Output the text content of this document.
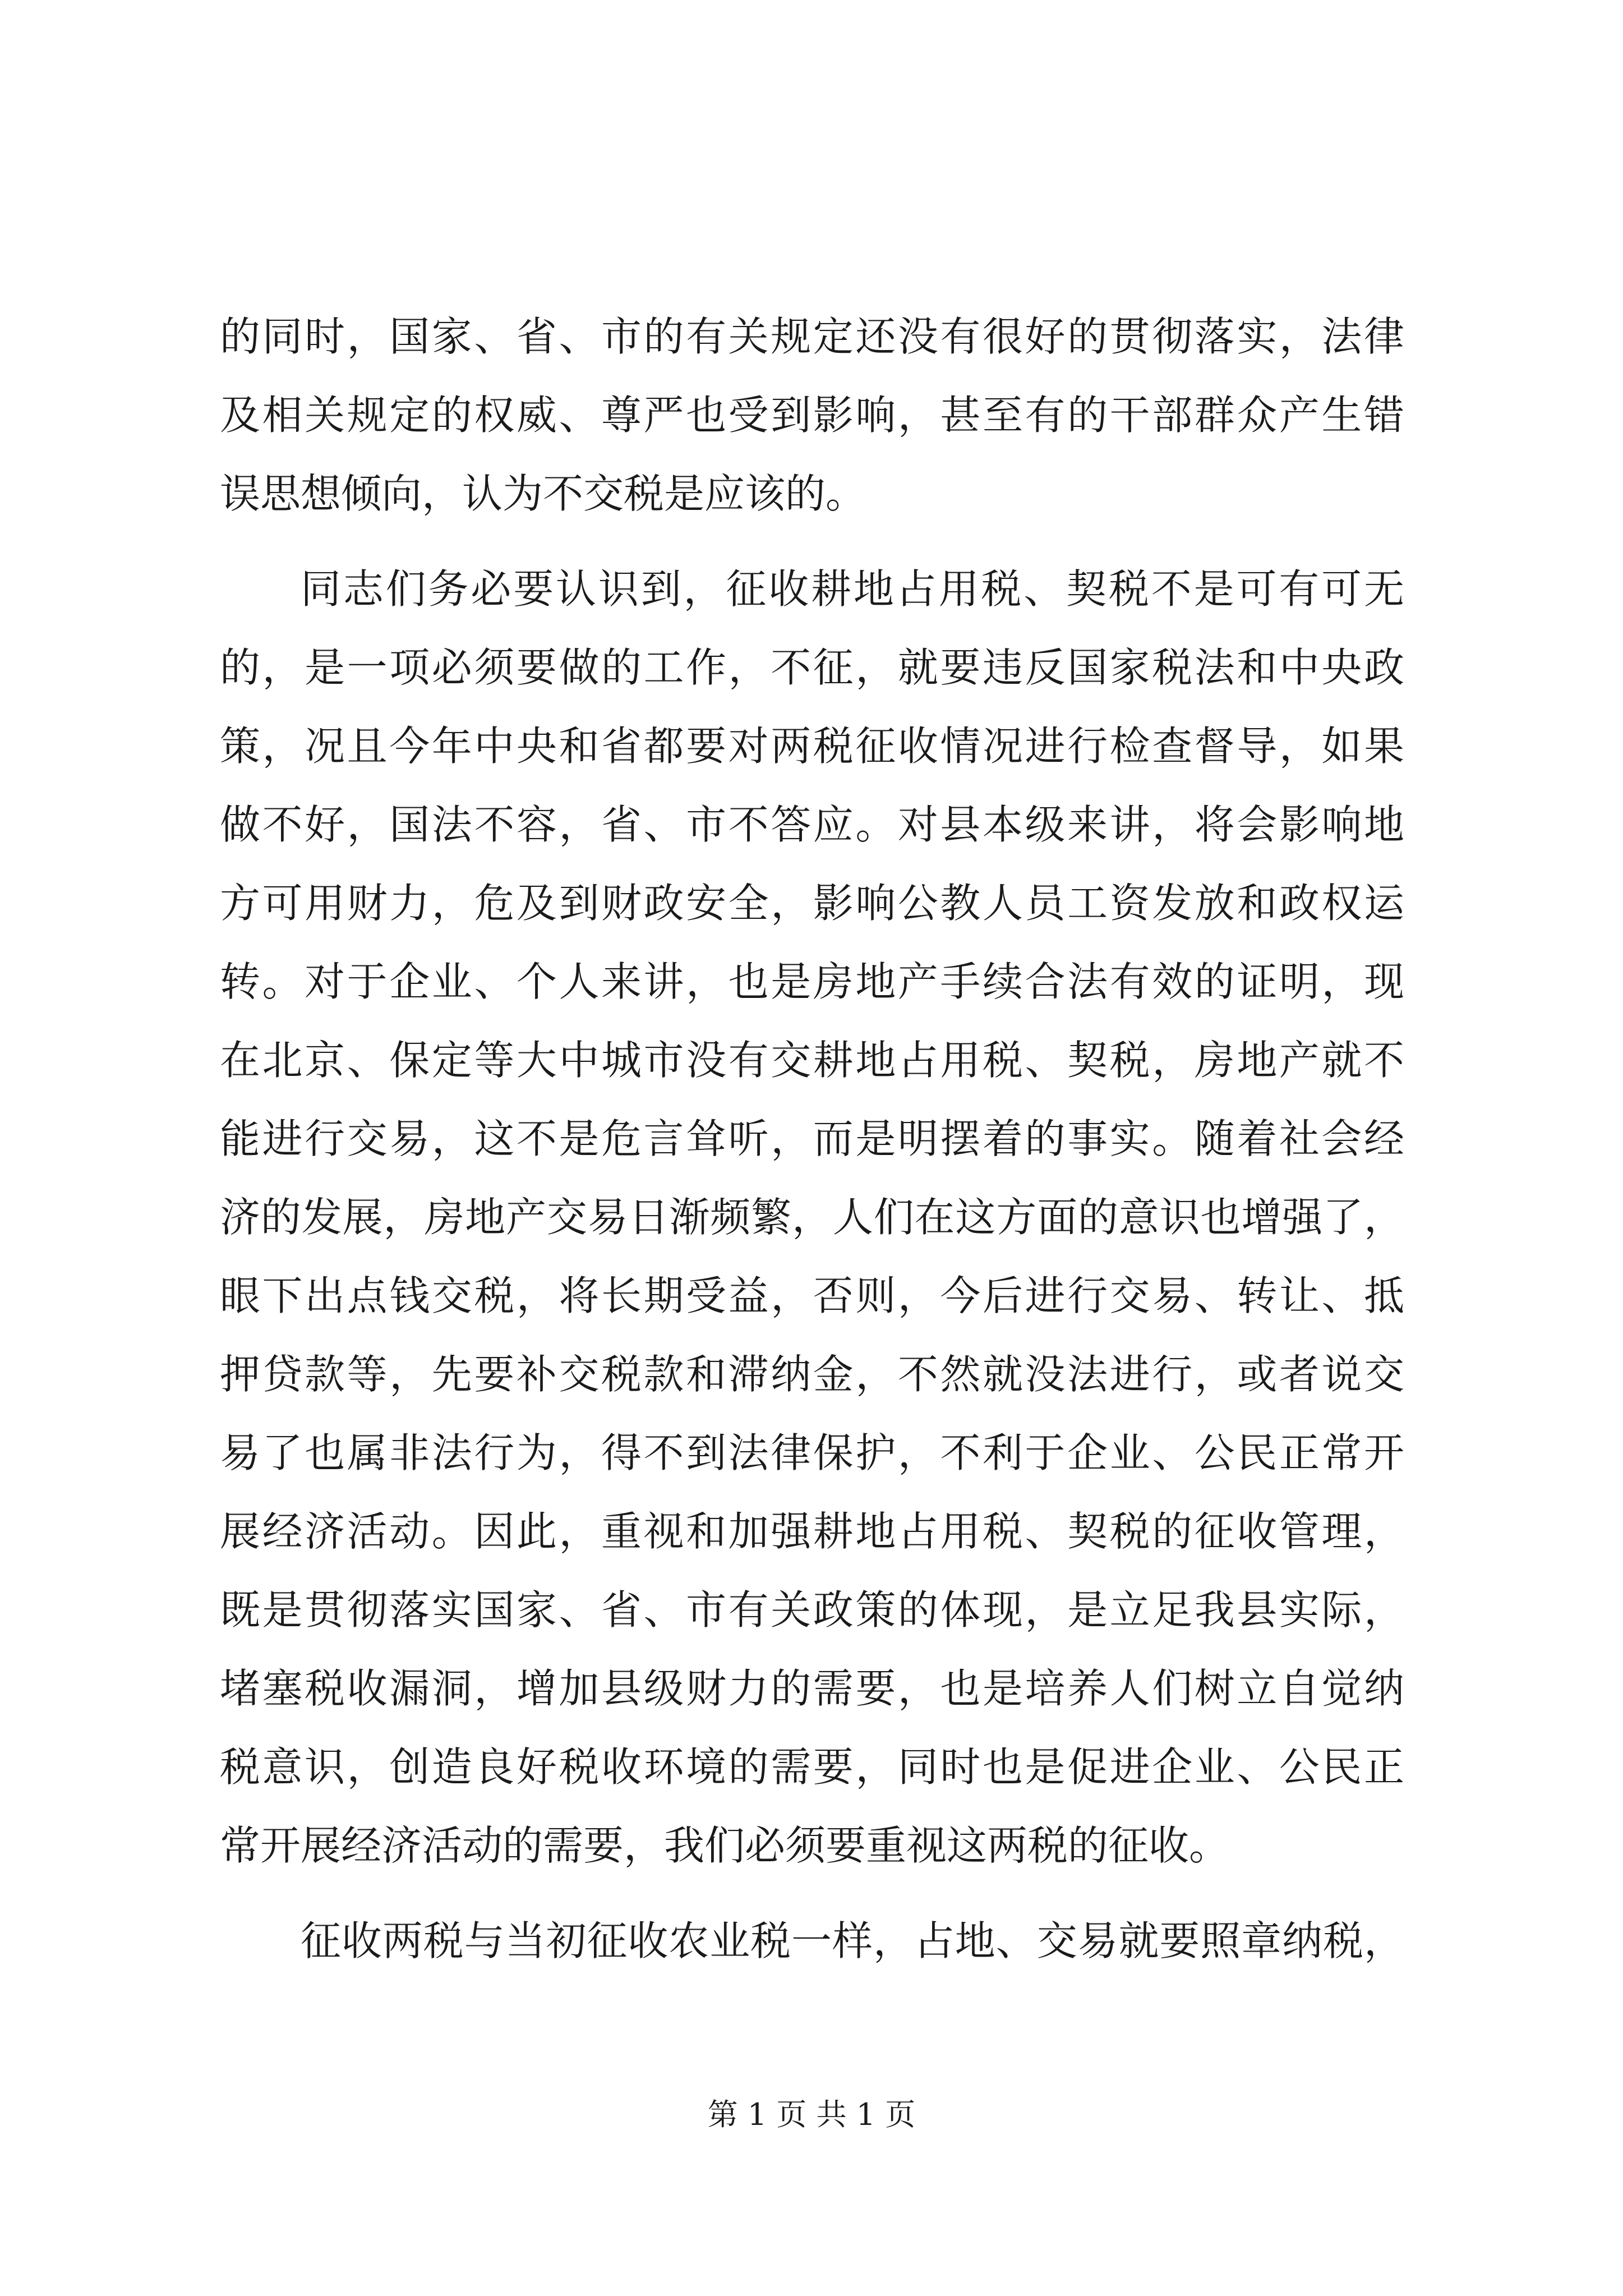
的同时，国家、省、市的有关规定还没有很好的贯彻落实，法律
及相关规定的权威、尊严也受到影响，甚至有的干部群众产生错
误思想倾向，认为不交税是应该的。
同志们务必要认识到，征收耕地占用税、契税不是可有可无
的，是一项必须要做的工作，不征，就要违反国家税法和中央政
策，况且今年中央和省都要对两税征收情况进行检查督导，如果
做不好，国法不容，省、市不答应。对县本级来讲，将会影响地
方可用财力，危及到财政安全，影响公教人员工资发放和政权运
转。对于企业、个人来讲，也是房地产手续合法有效的证明，现
在北京、保定等大中城市没有交耕地占用税、契税，房地产就不
能进行交易，这不是危言耸听，而是明摆着的事实。随着社会经
济的发展，房地产交易日渐频繁，人们在这方面的意识也增强了，
眼下出点钱交税，将长期受益，否则，今后进行交易、转让、抵
押贷款等，先要补交税款和滞纳金，不然就没法进行，或者说交
易了也属非法行为，得不到法律保护，不利于企业、公民正常开
展经济活动。因此，重视和加强耕地占用税、契税的征收管理，
既是贯彻落实国家、省、市有关政策的体现，是立足我县实际，
堵塞税收漏洞，增加县级财力的需要，也是培养人们树立自觉纳
税意识，创造良好税收环境的需要，同时也是促进企业、公民正
常开展经济活动的需要，我们必须要重视这两税的征收。
征收两税与当初征收农业税一样，占地、交易就要照章纳税，
第 1 页 共 1 页
